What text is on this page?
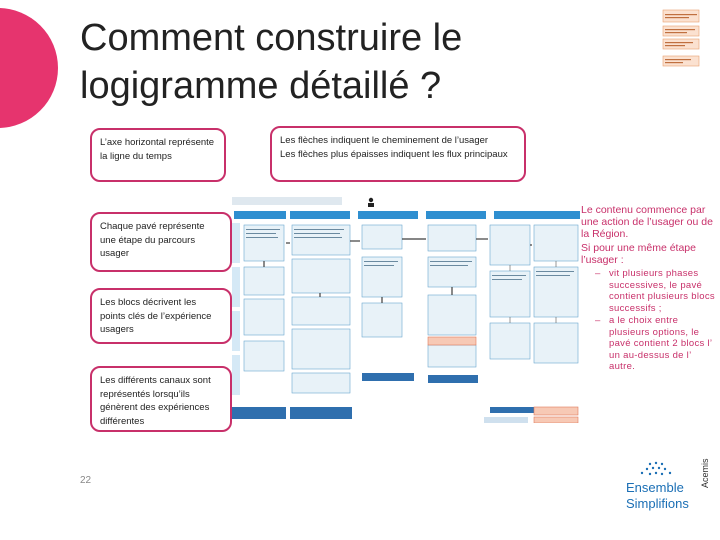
Comment construire le
logigramme détaillé ?
L’axe horizontal représente la ligne du temps
Les flèches indiquent le cheminement de l’usager
Les flèches plus épaisses indiquent les flux principaux
Chaque pavé représente une étape du parcours usager
Les blocs décrivent les points clés de l’expérience usagers
Les différents canaux sont représentés lorsqu’ils génèrent des expériences différentes

Le contenu commence par une action de l’usager ou de la Région.

Si pour une même étape l’usager :

– vit plusieurs phases successives, le pavé contient plusieurs blocs successifs ;
– a le choix entre plusieurs options, le pavé contient 2 blocs l’ un au-dessus de l’ autre.
22	Acemis
Ensemble
Simplifions
